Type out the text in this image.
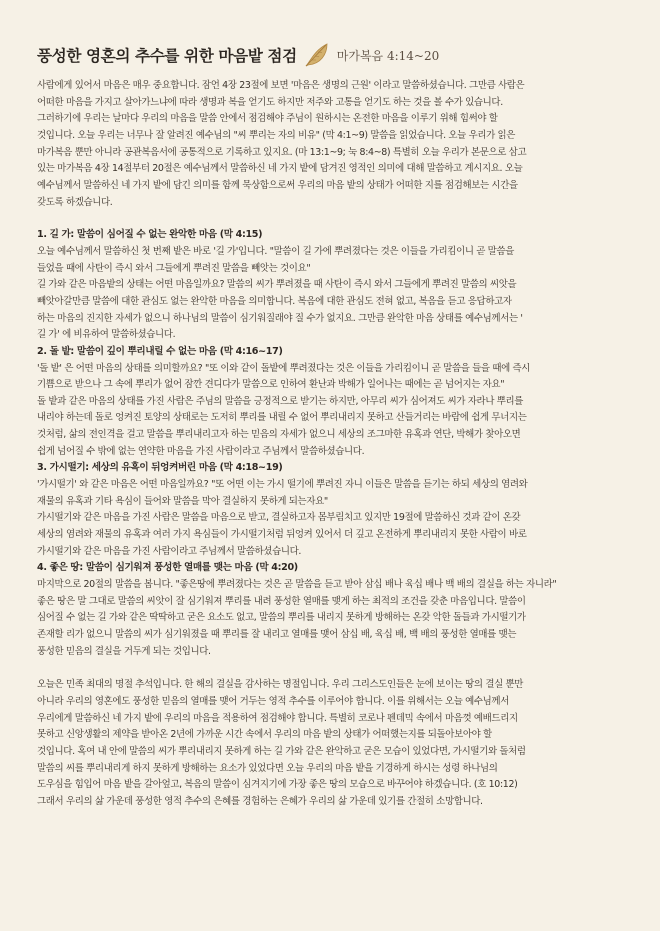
풍성한 영혼의 추수를 위한 마음밭 점검	마가복음 4:14~20

사람에게 있어서 마음은 매우 중요합니다. 잠언 4장 23절에 보면 '마음은 생명의 근원' 이라고 말씀하셨습니다. 그만큼 사람은

어떠한 마음을 가지고 살아가느냐에 따라 생명과 복을 얻기도 하지만 저주와 고통을 얻기도 하는 것을 볼 수가 있습니다.

그러하기에 우리는 날마다 우리의 마음을 말씀 안에서 점검해야 주님이 원하시는 온전한 마음을 이루기 위해 힘써야 할

것입니다. 오늘 우리는 너무나 잘 알려진 예수님의 "씨 뿌리는 자의 비유" (막 4:1~9) 말씀을 읽었습니다. 오늘 우리가 읽은

마가복음 뿐만 아니라 공관복음서에 공통적으로 기록하고 있지요. (마 13:1~9; 눅 8:4~8) 특별히 오늘 우리가 본문으로 삼고

있는 마가복음 4장 14절부터 20절은 예수님께서 말씀하신 네 가지 밭에 담겨진 영적인 의미에 대해 말씀하고 계시지요. 오늘

예수님께서 말씀하신 네 가지 밭에 담긴 의미를 함께 묵상함으로써 우리의 마음 밭의 상태가 어떠한 지를 점검해보는 시간을

갖도록 하겠습니다.

1. 길 가: 말씀이 심어질 수 없는 완악한 마음 (막 4:15)

오늘 예수님께서 말씀하신 첫 번째 밭은 바로 '길 가'입니다. "말씀이 길 가에 뿌려졌다는 것은 이들을 가리킴이니 곧 말씀을

들었을 때에 사탄이 즉시 와서 그들에게 뿌려진 말씀을 빼앗는 것이요"

길 가와 같은 마음밭의 상태는 어떤 마음일까요? 말씀의 씨가 뿌려졌을 때 사탄이 즉시 와서 그들에게 뿌려진 말씀의 씨앗을

빼앗아갈만큼 말씀에 대한 관심도 없는 완악한 마음을 의미합니다. 복음에 대한 관심도 전혀 없고, 복음을 듣고 응답하고자

하는 마음의 진지한 자세가 없으니 하나님의 말씀이 심기워질래야 질 수가 없지요. 그만큼 완악한 마음 상태를 예수님께서는 '

길 가' 에 비유하여 말씀하셨습니다.

2. 돌 밭: 말씀이 깊이 뿌리내릴 수 없는 마음 (막 4:16~17)

'돌 밭' 은 어떤 마음의 상태를 의미할까요? "또 이와 같이 돌밭에 뿌려졌다는 것은 이들을 가리킴이니 곧 말씀을 들을 때에 즉시

기쁨으로 받으나 그 속에 뿌리가 없어 잠깐 견디다가 말씀으로 인하여 환난과 박해가 일어나는 때에는 곧 넘어지는 자요"

돌 밭과 같은 마음의 상태를 가진 사람은 주님의 말씀을 긍정적으로 받기는 하지만, 아무리 씨가 심어져도 씨가 자라나 뿌리를

내리야 하는데 돌로 엉켜진 토양의 상태로는 도저히 뿌리를 내릴 수 없어 뿌리내리지 못하고 산들거리는 바람에 쉽게 무너지는

것처럼, 삶의 전인격을 걸고 말씀을 뿌리내리고자 하는 믿음의 자세가 없으니 세상의 조그마한 유혹과 연단, 박해가 찾아오면

쉽게 넘어질 수 밖에 없는 연약한 마음을 가진 사람이라고 주님께서 말씀하셨습니다.

3. 가시떨기: 세상의 유혹이 뒤엉켜버린 마음 (막 4:18~19)

'가시떨기' 와 같은 마음은 어떤 마음일까요? "또 어떤 이는 가시 떨기에 뿌려진 자니 이들은 말씀을 듣기는 하되 세상의 염려와

재물의 유혹과 기타 욕심이 들어와 말씀을 막아 결실하지 못하게 되는자요"

가시떨기와 같은 마음을 가진 사람은 말씀을 마음으로 받고, 결실하고자 몸부림치고 있지만 19절에 말씀하신 것과 같이 온갖

세상의 염려와 재물의 유혹과 여러 가지 욕심들이 가시떨기처럼 뒤엉켜 있어서 더 깊고 온전하게 뿌리내리지 못한 사람이 바로

가시떨기와 같은 마음을 가진 사람이라고 주님께서 말씀하셨습니다.

4. 좋은 땅: 말씀이 심기워져 풍성한 열매를 맺는 마음 (막 4:20)

마지막으로 20절의 말씀을 봅니다. "좋은땅에 뿌려졌다는 것은 곧 말씀을 듣고 받아 삼십 배나 육십 배나 백 배의 결실을 하는 자니라"

좋은 땅은 말 그대로 말씀의 씨앗이 잘 심기워져 뿌리를 내려 풍성한 열매를 맺게 하는 최적의 조건을 갖춘 마음입니다. 말씀이

심어질 수 없는 길 가와 같은 딱딱하고 굳은 요소도 없고, 말씀의 뿌리를 내리지 못하게 방해하는 온갖 악한 돌들과 가시떨기가

존재할 리가 없으니 말씀의 씨가 심기워졌을 때 뿌리를 잘 내리고 열매를 맺어 삼십 배, 육십 배, 백 배의 풍성한 열매를 맺는

풍성한 믿음의 결실을 거두게 되는 것입니다.

오늘은 민족 최대의 명절 추석입니다. 한 해의 결실을 감사하는 명절입니다. 우리 그리스도인들은 눈에 보이는 땅의 결실 뿐만

아니라 우리의 영혼에도 풍성한 믿음의 열매를 맺어 거두는 영적 추수를 이루어야 합니다. 이를 위해서는 오늘 예수님께서

우리에게 말씀하신 네 가지 밭에 우리의 마음을 적용하여 점검해야 합니다. 특별히 코로나 펜데믹 속에서 마음껏 예배드리지

못하고 신앙생활의 제약을 받아온 2년에 가까운 시간 속에서 우리의 마음 밭의 상태가 어떠했는지를 되돌아보아야 할

것입니다. 혹여 내 안에 말씀의 씨가 뿌리내리지 못하게 하는 길 가와 같은 완악하고 굳은 모습이 있었다면, 가시떨기와 돌처럼

말씀의 씨를 뿌리내리게 하지 못하게 방해하는 요소가 있었다면 오늘 우리의 마음 밭을 기경하게 하시는 성령 하나님의

도우심을 힘입어 마음 밭을 갈아엎고, 복음의 말씀이 심겨지기에 가장 좋은 땅의 모습으로 바꾸어야 하겠습니다. (호 10:12)

그래서 우리의 삶 가운데 풍성한 영적 추수의 은혜를 경험하는 은혜가 우리의 삶 가운데 있기를 간절히 소망합니다.
